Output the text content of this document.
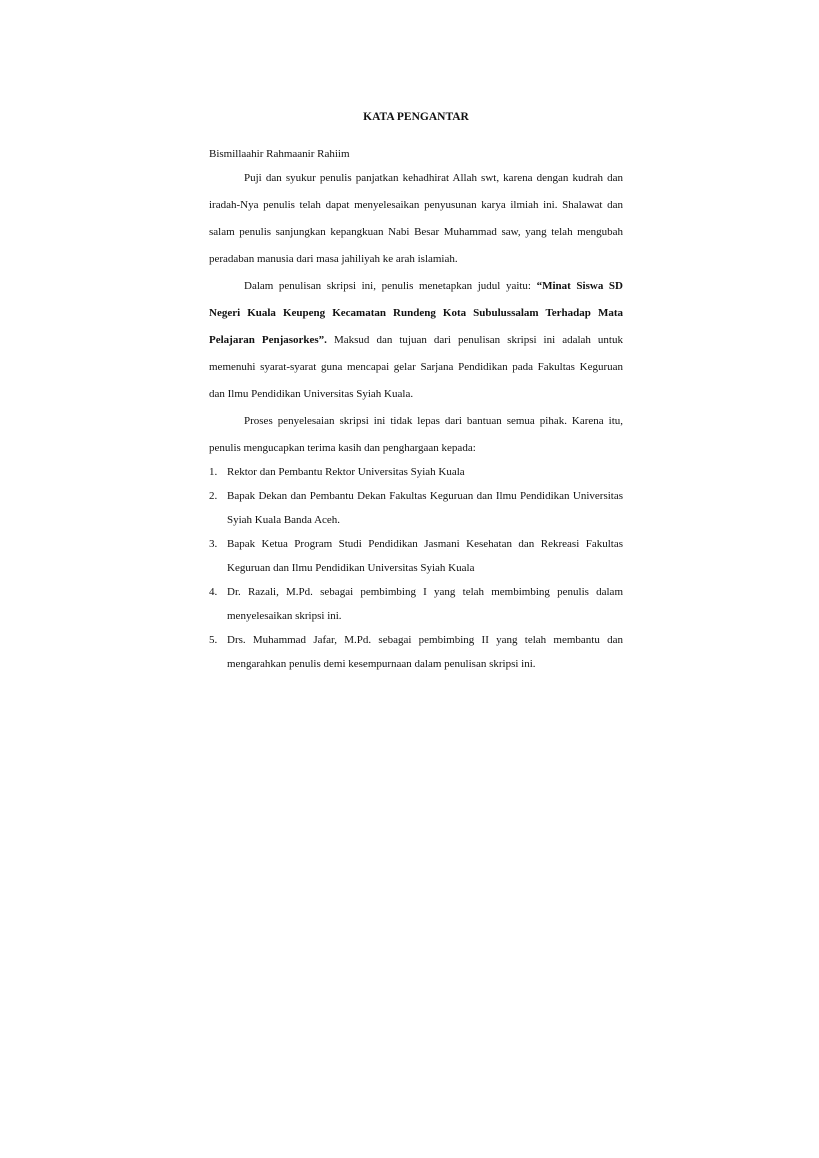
KATA PENGANTAR

Bismillaahir Rahmaanir Rahiim

Puji dan syukur penulis panjatkan kehadhirat Allah swt, karena dengan kudrah dan iradah-Nya penulis telah dapat menyelesaikan penyusunan karya ilmiah ini. Shalawat dan salam penulis sanjungkan kepangkuan Nabi Besar Muhammad saw, yang telah mengubah peradaban manusia dari masa jahiliyah ke arah islamiah.

Dalam penulisan skripsi ini, penulis menetapkan judul yaitu: “Minat Siswa SD Negeri Kuala Keupeng Kecamatan Rundeng Kota Subulussalam Terhadap Mata Pelajaran Penjasorkes”. Maksud dan tujuan dari penulisan skripsi ini adalah untuk memenuhi syarat-syarat guna mencapai gelar Sarjana Pendidikan pada Fakultas Keguruan dan Ilmu Pendidikan Universitas Syiah Kuala.

Proses penyelesaian skripsi ini tidak lepas dari bantuan semua pihak. Karena itu, penulis mengucapkan terima kasih dan penghargaan kepada:

1. Rektor dan Pembantu Rektor Universitas Syiah Kuala
2. Bapak Dekan dan Pembantu Dekan Fakultas Keguruan dan Ilmu Pendidikan Universitas Syiah Kuala Banda Aceh.
3. Bapak Ketua Program Studi Pendidikan Jasmani Kesehatan dan Rekreasi Fakultas Keguruan dan Ilmu Pendidikan Universitas Syiah Kuala
4. Dr. Razali, M.Pd. sebagai pembimbing I yang telah membimbing penulis dalam menyelesaikan skripsi ini.
5. Drs. Muhammad Jafar, M.Pd. sebagai pembimbing II yang telah membantu dan mengarahkan penulis demi kesempurnaan dalam penulisan skripsi ini.
